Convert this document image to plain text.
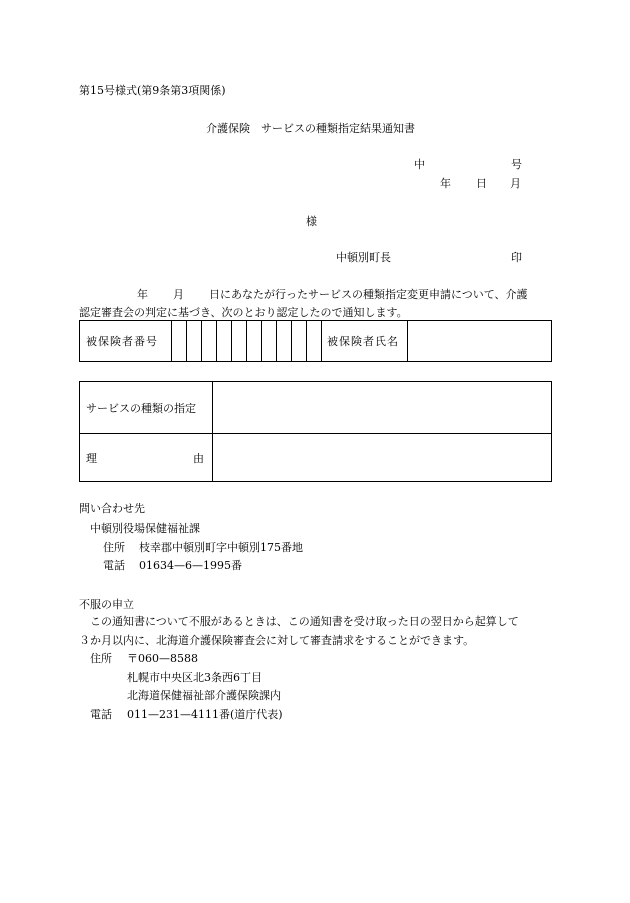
第15号様式(第9条第3項関係)
介護保険　サービスの種類指定結果通知書
中	号
年 日 月
様
中頓別町長	印
年 月 日にあなたが行ったサービスの種類指定変更申請について、介護
認定審査会の判定に基づき、次のとおり認定したので通知します。
被保険者番号											被保険者氏名	
サービスの種類の指定	

理 由	

問い合わせ先
中頓別役場保健福祉課
住所 枝幸郡中頓別町字中頓別175番地
電話 01634—6—1995番
不服の申立
この通知書について不服があるときは、この通知書を受け取った日の翌日から起算して
３か月以内に、北海道介護保険審査会に対して審査請求をすることができます。
住所 〒060—8588
札幌市中央区北3条西6丁目
北海道保健福祉部介護保険課内
電話 011—231—4111番(道庁代表)
